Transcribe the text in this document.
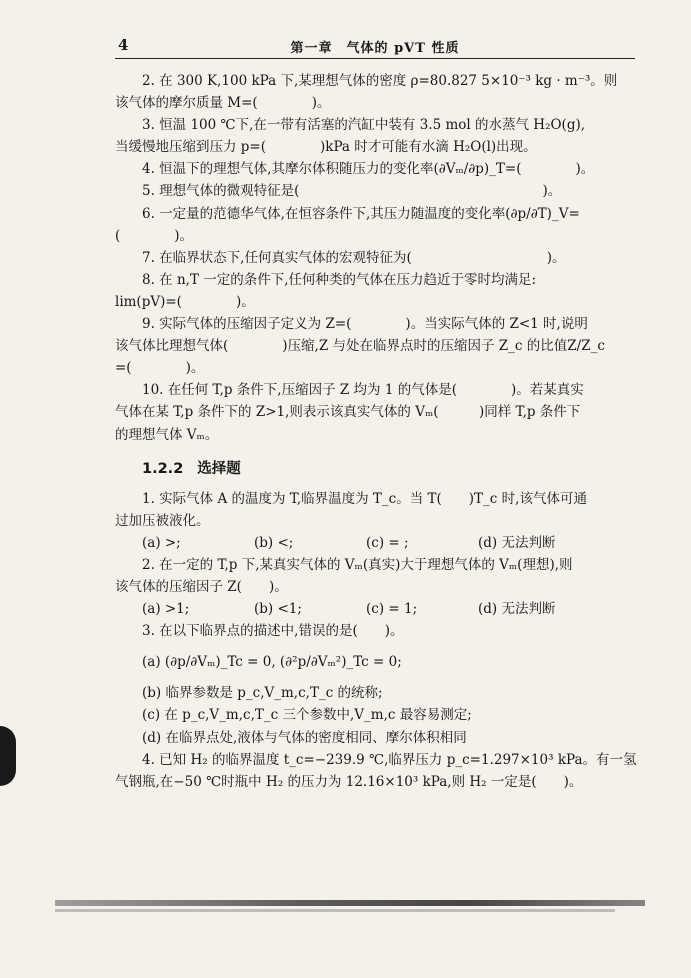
4	第一章　气体的 pVT 性质
2. 在 300 K,100 kPa 下,某理想气体的密度 ρ=80.827 5×10⁻³ kg · m⁻³。则
该气体的摩尔质量 M=(　　　　)。
3. 恒温 100 ℃下,在一带有活塞的汽缸中装有 3.5 mol 的水蒸气 H₂O(g),
当缓慢地压缩到压力 p=(　　　　)kPa 时才可能有水滴 H₂O(l)出现。
4. 恒温下的理想气体,其摩尔体积随压力的变化率(∂Vₘ/∂p)_T=(　　　　)。
5. 理想气体的微观特征是(　　　　　　　　　　　　　　　　　　)。
6. 一定量的范德华气体,在恒容条件下,其压力随温度的变化率(∂p/∂T)_V=
(　　　　)。
7. 在临界状态下,任何真实气体的宏观特征为(　　　　　　　　　　)。
8. 在 n,T 一定的条件下,任何种类的气体在压力趋近于零时均满足:
lim(pV)=(　　　　)。
9. 实际气体的压缩因子定义为 Z=(　　　　)。当实际气体的 Z<1 时,说明
该气体比理想气体(　　　　)压缩,Z 与处在临界点时的压缩因子 Z_c 的比值Z/Z_c
=(　　　　)。
10. 在任何 T,p 条件下,压缩因子 Z 均为 1 的气体是(　　　　)。若某真实
气体在某 T,p 条件下的 Z>1,则表示该真实气体的 Vₘ(　　　)同样 T,p 条件下
的理想气体 Vₘ。
1.2.2 选择题
1. 实际气体 A 的温度为 T,临界温度为 T_c。当 T(　　)T_c 时,该气体可通
过加压被液化。
(a) >;	(b) <;	(c) = ;	(d) 无法判断
2. 在一定的 T,p 下,某真实气体的 Vₘ(真实)大于理想气体的 Vₘ(理想),则
该气体的压缩因子 Z(　　)。
(a) >1;	(b) <1;	(c) = 1;	(d) 无法判断
3. 在以下临界点的描述中,错误的是(　　)。
(a) (∂p/∂Vₘ)_Tc = 0, (∂²p/∂Vₘ²)_Tc = 0;
(b) 临界参数是 p_c,V_m,c,T_c 的统称;
(c) 在 p_c,V_m,c,T_c 三个参数中,V_m,c 最容易测定;
(d) 在临界点处,液体与气体的密度相同、摩尔体积相同
4. 已知 H₂ 的临界温度 t_c=−239.9 ℃,临界压力 p_c=1.297×10³ kPa。有一氢
气钢瓶,在−50 ℃时瓶中 H₂ 的压力为 12.16×10³ kPa,则 H₂ 一定是(　　)。
